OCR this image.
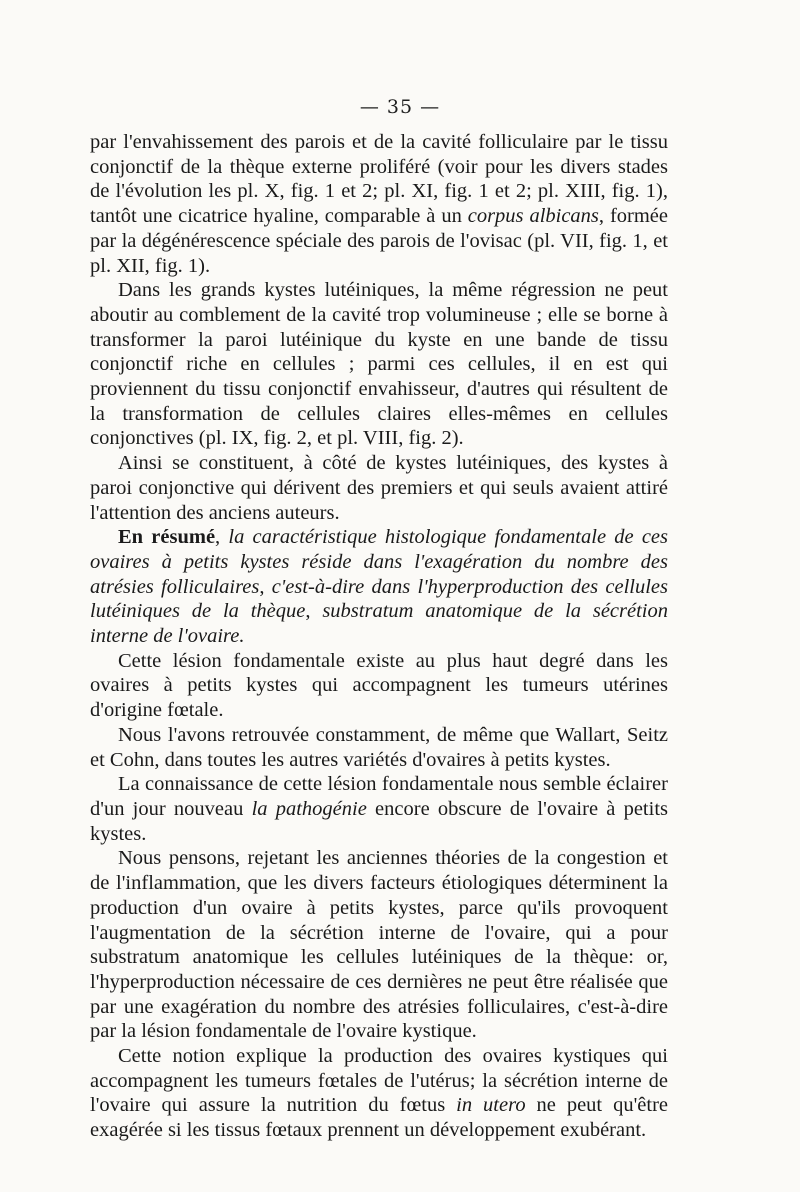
— 35 —

par l'envahissement des parois et de la cavité folliculaire par le tissu conjonctif de la thèque externe proliféré (voir pour les divers stades de l'évolution les pl. X, fig. 1 et 2; pl. XI, fig. 1 et 2; pl. XIII, fig. 1), tantôt une cicatrice hyaline, comparable à un corpus albicans, formée par la dégénérescence spéciale des parois de l'ovisac (pl. VII, fig. 1, et pl. XII, fig. 1).

Dans les grands kystes lutéiniques, la même régression ne peut aboutir au comblement de la cavité trop volumineuse ; elle se borne à transformer la paroi lutéinique du kyste en une bande de tissu conjonctif riche en cellules ; parmi ces cellules, il en est qui proviennent du tissu conjonctif envahisseur, d'autres qui résultent de la transformation de cellules claires elles-mêmes en cellules conjonctives (pl. IX, fig. 2, et pl. VIII, fig. 2).

Ainsi se constituent, à côté de kystes lutéiniques, des kystes à paroi conjonctive qui dérivent des premiers et qui seuls avaient attiré l'attention des anciens auteurs.

En résumé, la caractéristique histologique fondamentale de ces ovaires à petits kystes réside dans l'exagération du nombre des atrésies folliculaires, c'est-à-dire dans l'hyperproduction des cellules lutéiniques de la thèque, substratum anatomique de la sécrétion interne de l'ovaire.

Cette lésion fondamentale existe au plus haut degré dans les ovaires à petits kystes qui accompagnent les tumeurs utérines d'origine fœtale.

Nous l'avons retrouvée constamment, de même que Wallart, Seitz et Cohn, dans toutes les autres variétés d'ovaires à petits kystes.

La connaissance de cette lésion fondamentale nous semble éclairer d'un jour nouveau la pathogénie encore obscure de l'ovaire à petits kystes.

Nous pensons, rejetant les anciennes théories de la congestion et de l'inflammation, que les divers facteurs étiologiques déterminent la production d'un ovaire à petits kystes, parce qu'ils provoquent l'augmentation de la sécrétion interne de l'ovaire, qui a pour substratum anatomique les cellules lutéiniques de la thèque: or, l'hyperproduction nécessaire de ces dernières ne peut être réalisée que par une exagération du nombre des atrésies folliculaires, c'est-à-dire par la lésion fondamentale de l'ovaire kystique.

Cette notion explique la production des ovaires kystiques qui accompagnent les tumeurs fœtales de l'utérus; la sécrétion interne de l'ovaire qui assure la nutrition du fœtus in utero ne peut qu'être exagérée si les tissus fœtaux prennent un développement exubérant.
